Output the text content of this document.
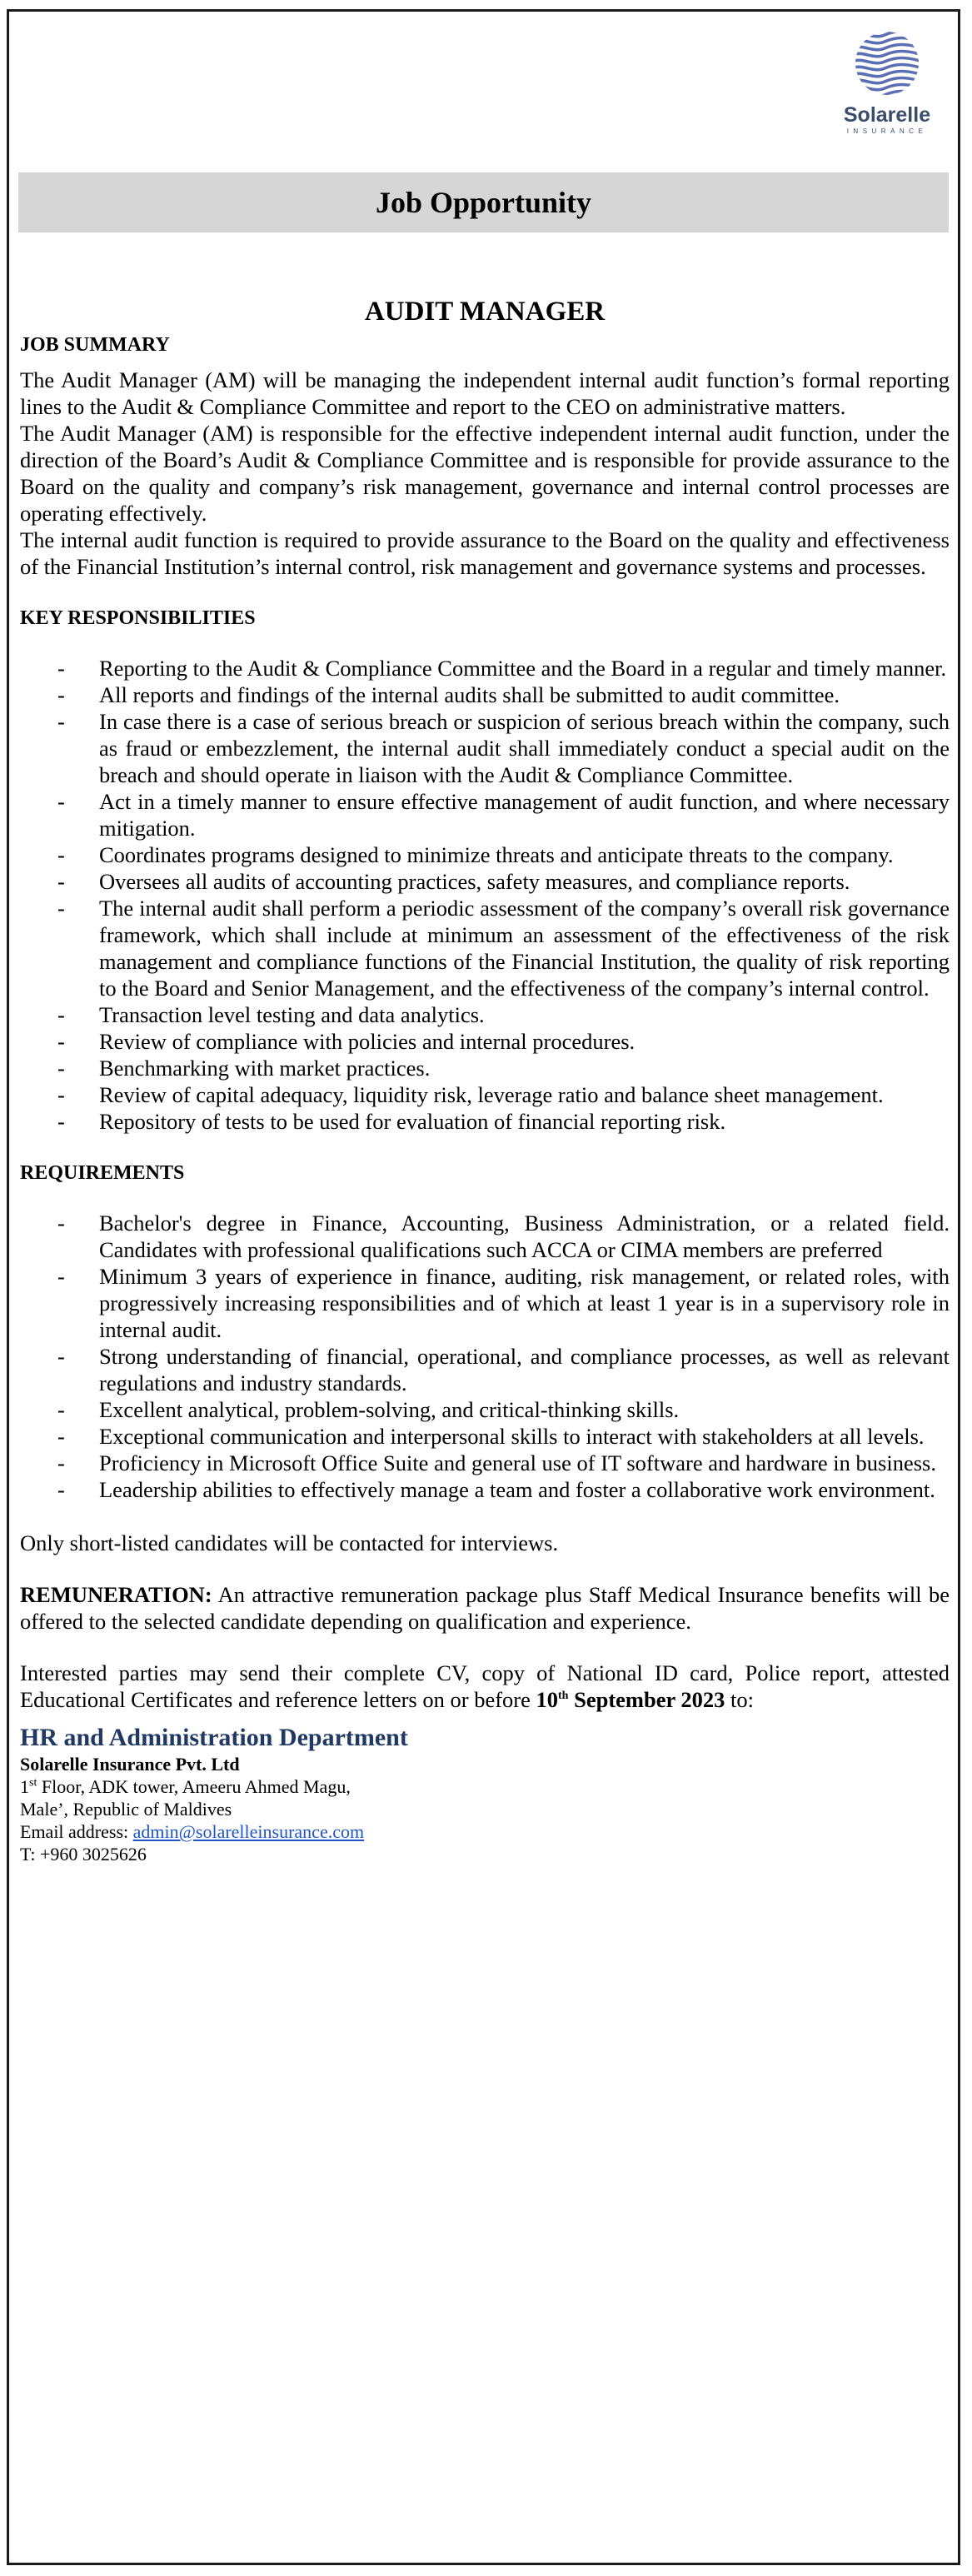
Solarelle
INSURANCE
Job Opportunity
AUDIT MANAGER
JOB SUMMARY

The Audit Manager (AM) will be managing the independent internal audit function’s formal reporting lines to the Audit & Compliance Committee and report to the CEO on administrative matters.

The Audit Manager (AM) is responsible for the effective independent internal audit function, under the direction of the Board’s Audit & Compliance Committee and is responsible for provide assurance to the Board on the quality and company’s risk management, governance and internal control processes are operating effectively.

The internal audit function is required to provide assurance to the Board on the quality and effectiveness of the Financial Institution’s internal control, risk management and governance systems and processes.

KEY RESPONSIBILITIES
- Reporting to the Audit & Compliance Committee and the Board in a regular and timely manner.
- All reports and findings of the internal audits shall be submitted to audit committee.
- In case there is a case of serious breach or suspicion of serious breach within the company, such as fraud or embezzlement, the internal audit shall immediately conduct a special audit on the breach and should operate in liaison with the Audit & Compliance Committee.
- Act in a timely manner to ensure effective management of audit function, and where necessary mitigation.
- Coordinates programs designed to minimize threats and anticipate threats to the company.
- Oversees all audits of accounting practices, safety measures, and compliance reports.
- The internal audit shall perform a periodic assessment of the company’s overall risk governance framework, which shall include at minimum an assessment of the effectiveness of the risk management and compliance functions of the Financial Institution, the quality of risk reporting to the Board and Senior Management, and the effectiveness of the company’s internal control.
- Transaction level testing and data analytics.
- Review of compliance with policies and internal procedures.
- Benchmarking with market practices.
- Review of capital adequacy, liquidity risk, leverage ratio and balance sheet management.
- Repository of tests to be used for evaluation of financial reporting risk.
REQUIREMENTS
- Bachelor's degree in Finance, Accounting, Business Administration, or a related field. Candidates with professional qualifications such ACCA or CIMA members are preferred
- Minimum 3 years of experience in finance, auditing, risk management, or related roles, with progressively increasing responsibilities and of which at least 1 year is in a supervisory role in internal audit.
- Strong understanding of financial, operational, and compliance processes, as well as relevant regulations and industry standards.
- Excellent analytical, problem-solving, and critical-thinking skills.
- Exceptional communication and interpersonal skills to interact with stakeholders at all levels.
- Proficiency in Microsoft Office Suite and general use of IT software and hardware in business.
- Leadership abilities to effectively manage a team and foster a collaborative work environment.

Only short-listed candidates will be contacted for interviews.

REMUNERATION: An attractive remuneration package plus Staff Medical Insurance benefits will be offered to the selected candidate depending on qualification and experience.

Interested parties may send their complete CV, copy of National ID card, Police report, attested Educational Certificates and reference letters on or before 10th September 2023 to:

HR and Administration Department
Solarelle Insurance Pvt. Ltd
1st Floor, ADK tower, Ameeru Ahmed Magu,
Male’, Republic of Maldives
Email address: admin@solarelleinsurance.com
T: +960 3025626
